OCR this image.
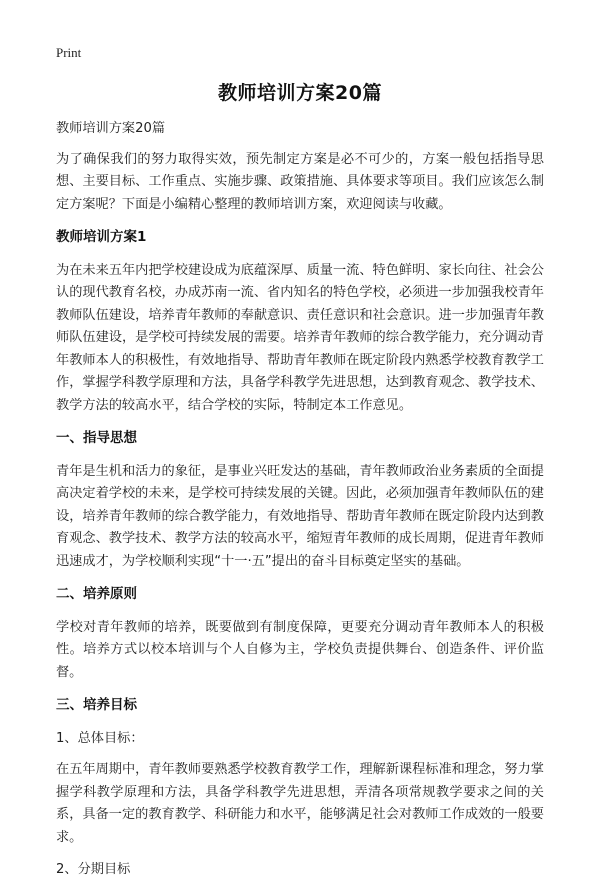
Print
教师培训方案20篇
教师培训方案20篇
为了确保我们的努力取得实效，预先制定方案是必不可少的，方案一般包括指导思想、主要目标、工作重点、实施步骤、政策措施、具体要求等项目。我们应该怎么制定方案呢？下面是小编精心整理的教师培训方案，欢迎阅读与收藏。
教师培训方案1
为在未来五年内把学校建设成为底蕴深厚、质量一流、特色鲜明、家长向往、社会公认的现代教育名校，办成苏南一流、省内知名的特色学校，必须进一步加强我校青年教师队伍建设，培养青年教师的奉献意识、责任意识和社会意识。进一步加强青年教师队伍建设，是学校可持续发展的需要。培养青年教师的综合教学能力，充分调动青年教师本人的积极性，有效地指导、帮助青年教师在既定阶段内熟悉学校教育教学工作，掌握学科教学原理和方法，具备学科教学先进思想，达到教育观念、教学技术、教学方法的较高水平，结合学校的实际，特制定本工作意见。
一、指导思想
青年是生机和活力的象征，是事业兴旺发达的基础，青年教师政治业务素质的全面提高决定着学校的未来，是学校可持续发展的关键。因此，必须加强青年教师队伍的建设，培养青年教师的综合教学能力，有效地指导、帮助青年教师在既定阶段内达到教育观念、教学技术、教学方法的较高水平，缩短青年教师的成长周期，促进青年教师迅速成才，为学校顺利实现“十一·五”提出的奋斗目标奠定坚实的基础。
二、培养原则
学校对青年教师的培养，既要做到有制度保障，更要充分调动青年教师本人的积极性。培养方式以校本培训与个人自修为主，学校负责提供舞台、创造条件、评价监督。
三、培养目标
1、总体目标：
在五年周期中，青年教师要熟悉学校教育教学工作，理解新课程标准和理念，努力掌握学科教学原理和方法，具备学科教学先进思想，弄清各项常规教学要求之间的关系，具备一定的教育教学、科研能力和水平，能够满足社会对教师工作成效的一般要求。
2、分期目标
